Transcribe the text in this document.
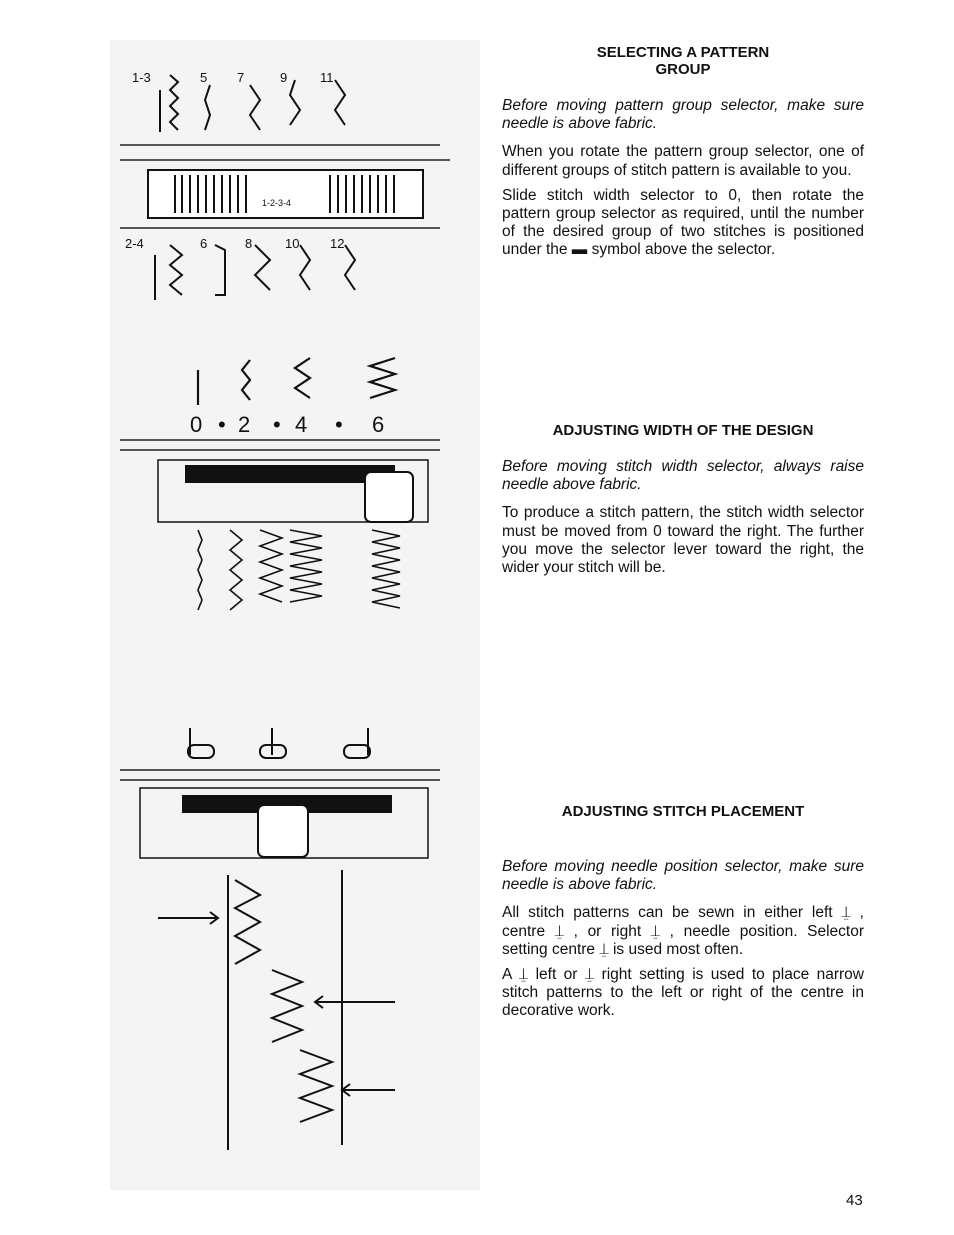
1-3	5 7	9	11
1-2-3-4
2-4	6	8	10 12
0 • 2 • 4 • 6
SELECTING A PATTERN
GROUP

Before moving pattern group selector, make sure needle is above fabric.

When you rotate the pattern group selector, one of different groups of stitch pattern is available to you.

Slide stitch width selector to 0, then rotate the pattern group selector as required, until the number of the desired group of two stitches is positioned under the ▬ symbol above the selector.

ADJUSTING WIDTH OF THE DESIGN

Before moving stitch width selector, always raise needle above fabric.

To produce a stitch pattern, the stitch width selector must be moved from 0 toward the right. The further you move the selector lever toward the right, the wider your stitch will be.

ADJUSTING STITCH PLACEMENT

Before moving needle position selector, make sure needle is above fabric.

All stitch patterns can be sewn in either left ⍊ , centre ⍊ , or right ⍊ , needle position. Selector setting centre ⍊ is used most often.

A ⍊ left or ⍊ right setting is used to place narrow stitch patterns to the left or right of the centre in decorative work.

43
